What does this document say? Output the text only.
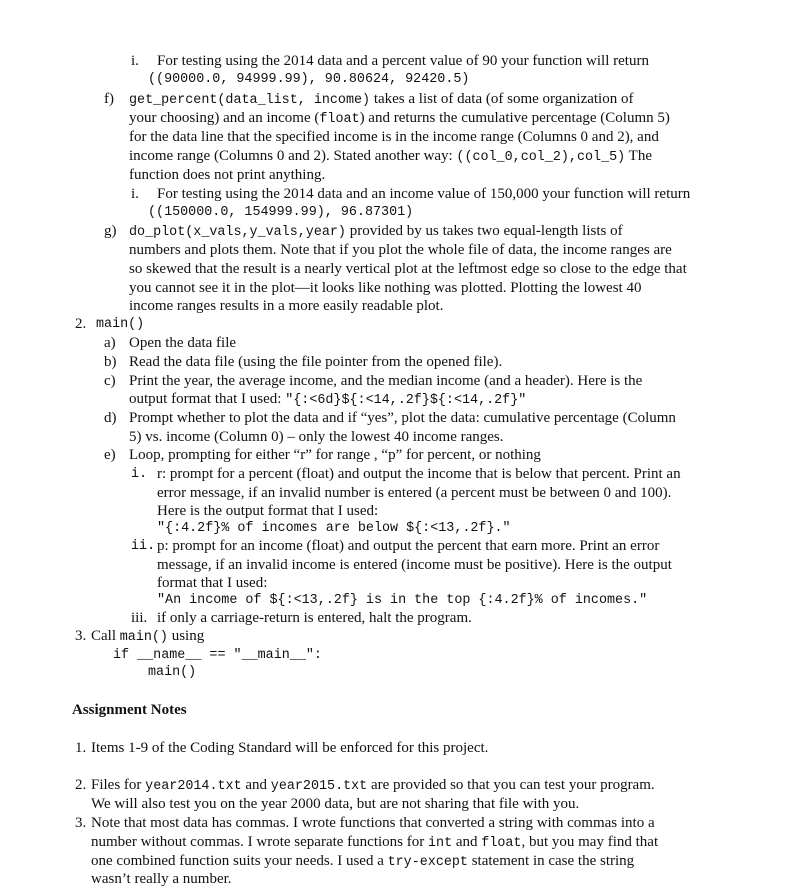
i. For testing using the 2014 data and a percent value of 90 your function will return
((90000.0, 94999.99), 90.80624, 92420.5)
f) get_percent(data_list, income) takes a list of data (of some organization of
your choosing) and an income (float) and returns the cumulative percentage (Column 5)
for the data line that the specified income is in the income range (Columns 0 and 2), and
income range (Columns 0 and 2). Stated another way: ((col_0,col_2),col_5) The
function does not print anything.
i. For testing using the 2014 data and an income value of 150,000 your function will return
((150000.0, 154999.99), 96.87301)
g) do_plot(x_vals,y_vals,year) provided by us takes two equal-length lists of
numbers and plots them. Note that if you plot the whole file of data, the income ranges are
so skewed that the result is a nearly vertical plot at the leftmost edge so close to the edge that
you cannot see it in the plot—it looks like nothing was plotted. Plotting the lowest 40
income ranges results in a more easily readable plot.
2. main()
a) Open the data file
b) Read the data file (using the file pointer from the opened file).
c) Print the year, the average income, and the median income (and a header). Here is the
output format that I used: "{:<6d}${:<14,.2f}${:<14,.2f}"
d) Prompt whether to plot the data and if “yes”, plot the data: cumulative percentage (Column
5) vs. income (Column 0) – only the lowest 40 income ranges.
e) Loop, prompting for either “r” for range , “p” for percent, or nothing
i. r: prompt for a percent (float) and output the income that is below that percent. Print an
error message, if an invalid number is entered (a percent must be between 0 and 100).
Here is the output format that I used:
"{:4.2f}% of incomes are below ${:<13,.2f}."
ii. p: prompt for an income (float) and output the percent that earn more. Print an error
message, if an invalid income is entered (income must be positive). Here is the output
format that I used:
"An income of ${:<13,.2f} is in the top {:4.2f}% of incomes."
iii. if only a carriage-return is entered, halt the program.
3. Call main() using
if __name__ == "__main__":
main()
Assignment Notes
1. Items 1-9 of the Coding Standard will be enforced for this project.
2. Files for year2014.txt and year2015.txt are provided so that you can test your program.
We will also test you on the year 2000 data, but are not sharing that file with you.
3. Note that most data has commas. I wrote functions that converted a string with commas into a
number without commas. I wrote separate functions for int and float, but you may find that
one combined function suits your needs. I used a try-except statement in case the string
wasn’t really a number.
